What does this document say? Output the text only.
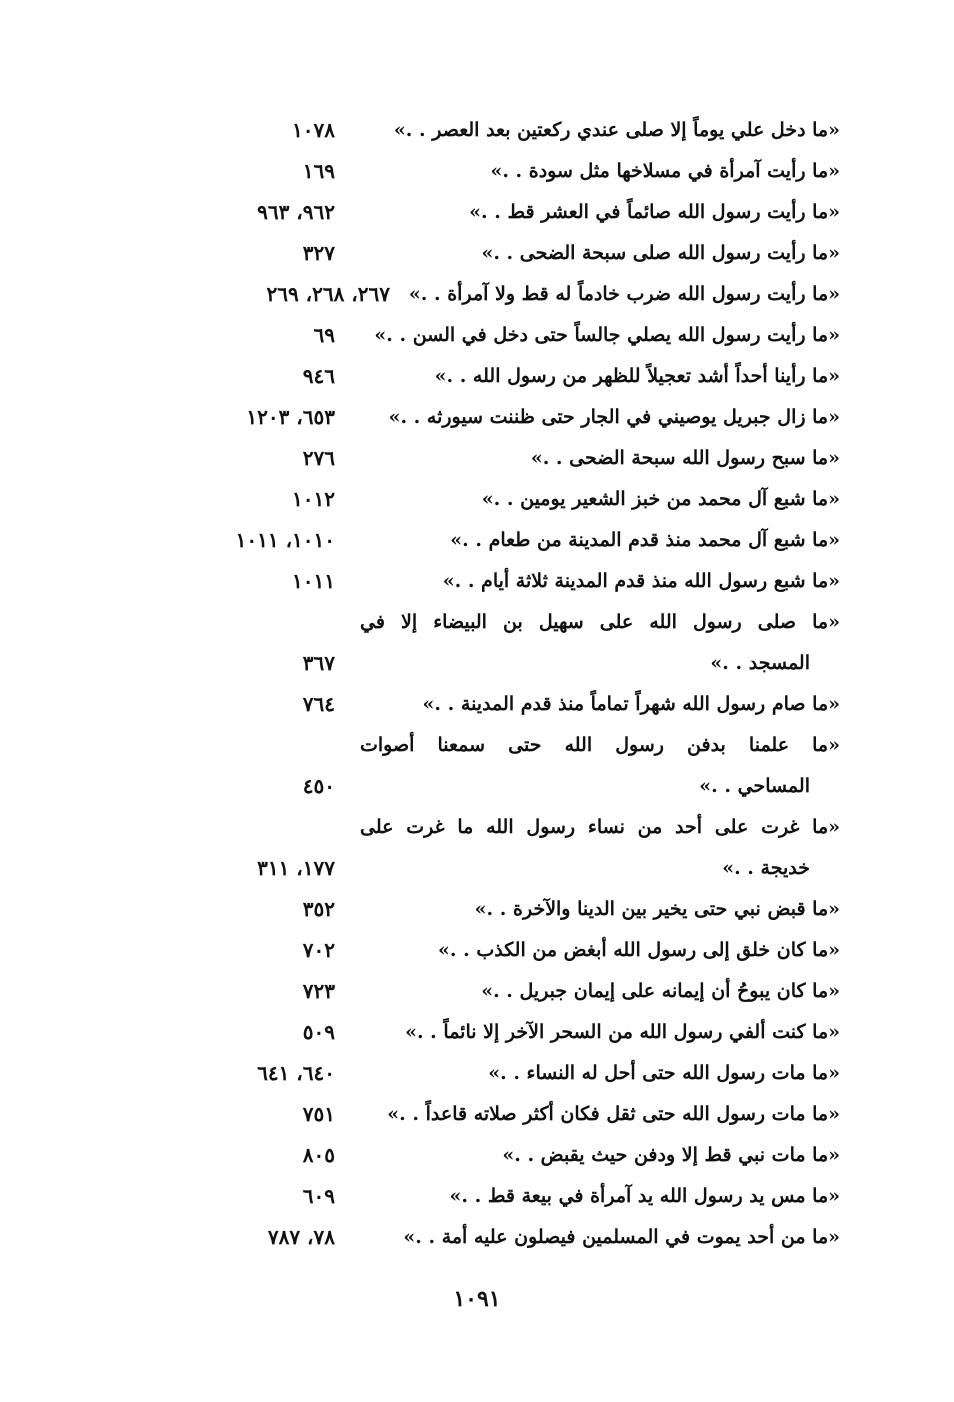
«ما دخل علي يوماً إلا صلى عندي ركعتين بعد العصر . .»
١٠٧٨
«ما رأيت آمرأة في مسلاخها مثل سودة . .»
١٦٩
«ما رأيت رسول الله صائماً في العشر قط . .»
٩٦٢، ٩٦٣
«ما رأيت رسول الله صلى سبحة الضحى . .»
٣٢٧
«ما رأيت رسول الله ضرب خادماً له قط ولا آمرأة . .»
٢٦٧، ٢٦٨، ٢٦٩
«ما رأيت رسول الله يصلي جالساً حتى دخل في السن . .»
٦٩
«ما رأينا أحداً أشد تعجيلاً للظهر من رسول الله . .»
٩٤٦
«ما زال جبريل يوصيني في الجار حتى ظننت سيورثه . .»
٦٥٣، ١٢٠٣
«ما سبح رسول الله سبحة الضحى . .»
٢٧٦
«ما شبع آل محمد من خبز الشعير يومين . .»
١٠١٢
«ما شبع آل محمد منذ قدم المدينة من طعام . .»
١٠١٠، ١٠١١
«ما شبع رسول الله منذ قدم المدينة ثلاثة أيام . .»
١٠١١
«ما صلى رسول الله على سهيل بن البيضاء إلا في
المسجد . .»
٣٦٧
«ما صام رسول الله شهراً تماماً منذ قدم المدينة . .»
٧٦٤
«ما علمنا بدفن رسول الله حتى سمعنا أصوات
المساحي . .»
٤٥٠
«ما غرت على أحد من نساء رسول الله ما غرت على
خديجة . .»
١٧٧، ٣١١
«ما قبض نبي حتى يخير بين الدينا والآخرة . .»
٣٥٢
«ما كان خلق إلى رسول الله أبغض من الكذب . .»
٧٠٢
«ما كان يبوحُ أن إيمانه على إيمان جبريل . .»
٧٢٣
«ما كنت ألفي رسول الله من السحر الآخر إلا نائماً . .»
٥٠٩
«ما مات رسول الله حتى أحل له النساء . .»
٦٤٠، ٦٤١
«ما مات رسول الله حتى ثقل فكان أكثر صلاته قاعداً . .»
٧٥١
«ما مات نبي قط إلا ودفن حيث يقبض . .»
٨٠٥
«ما مس يد رسول الله يد آمرأة في بيعة قط . .»
٦٠٩
«ما من أحد يموت في المسلمين فيصلون عليه أمة . .»
٧٨، ٧٨٧
١٠٩١
